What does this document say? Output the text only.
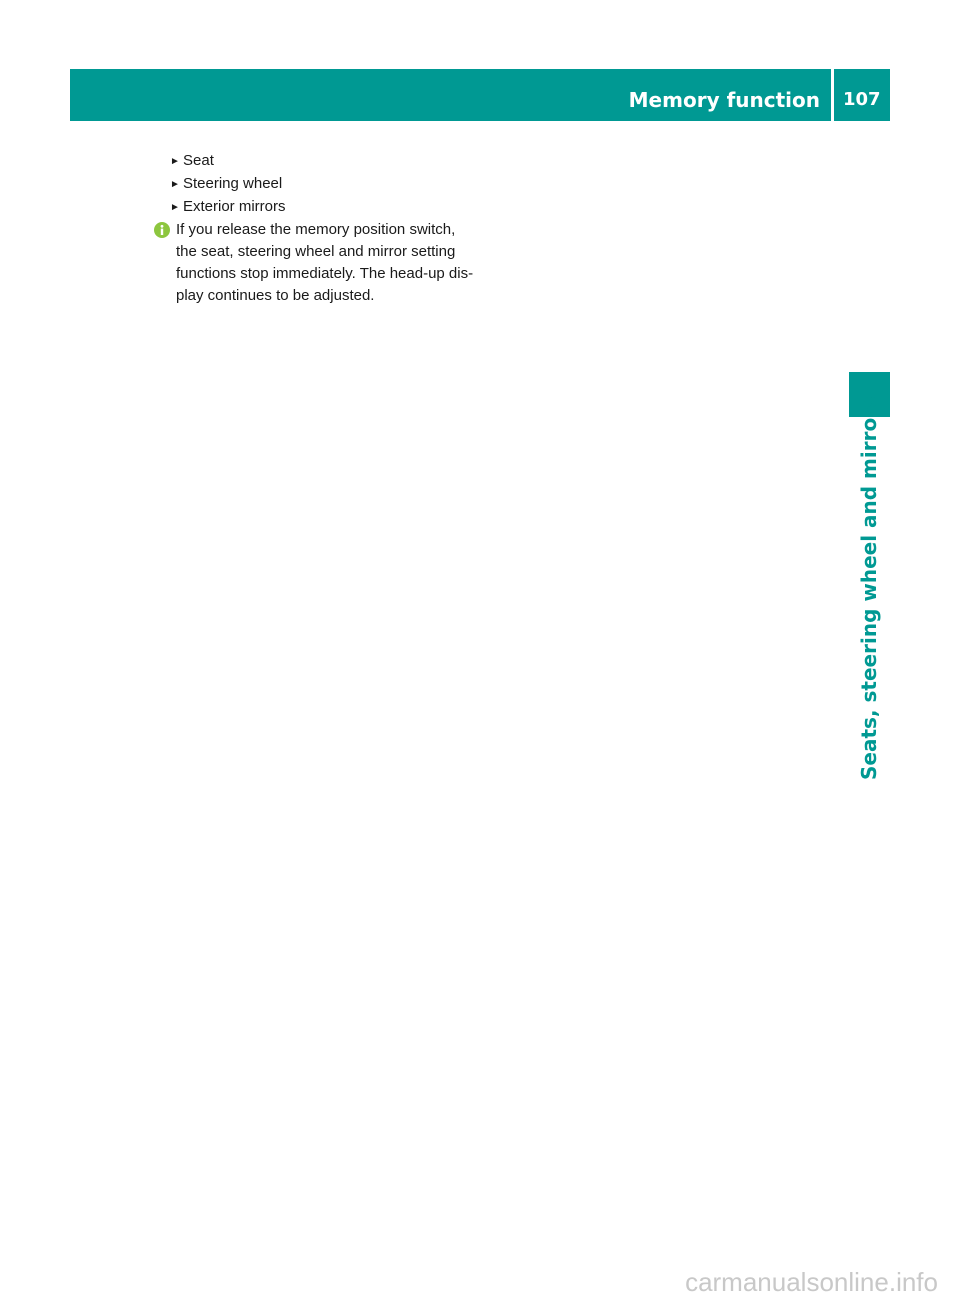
Memory function 107
► Seat
► Steering wheel
► Exterior mirrors
If you release the memory position switch,
the seat, steering wheel and mirror setting
functions stop immediately. The head-up dis-
play continues to be adjusted.
Seats, steering wheel and mirrors
carmanualsonline.info
